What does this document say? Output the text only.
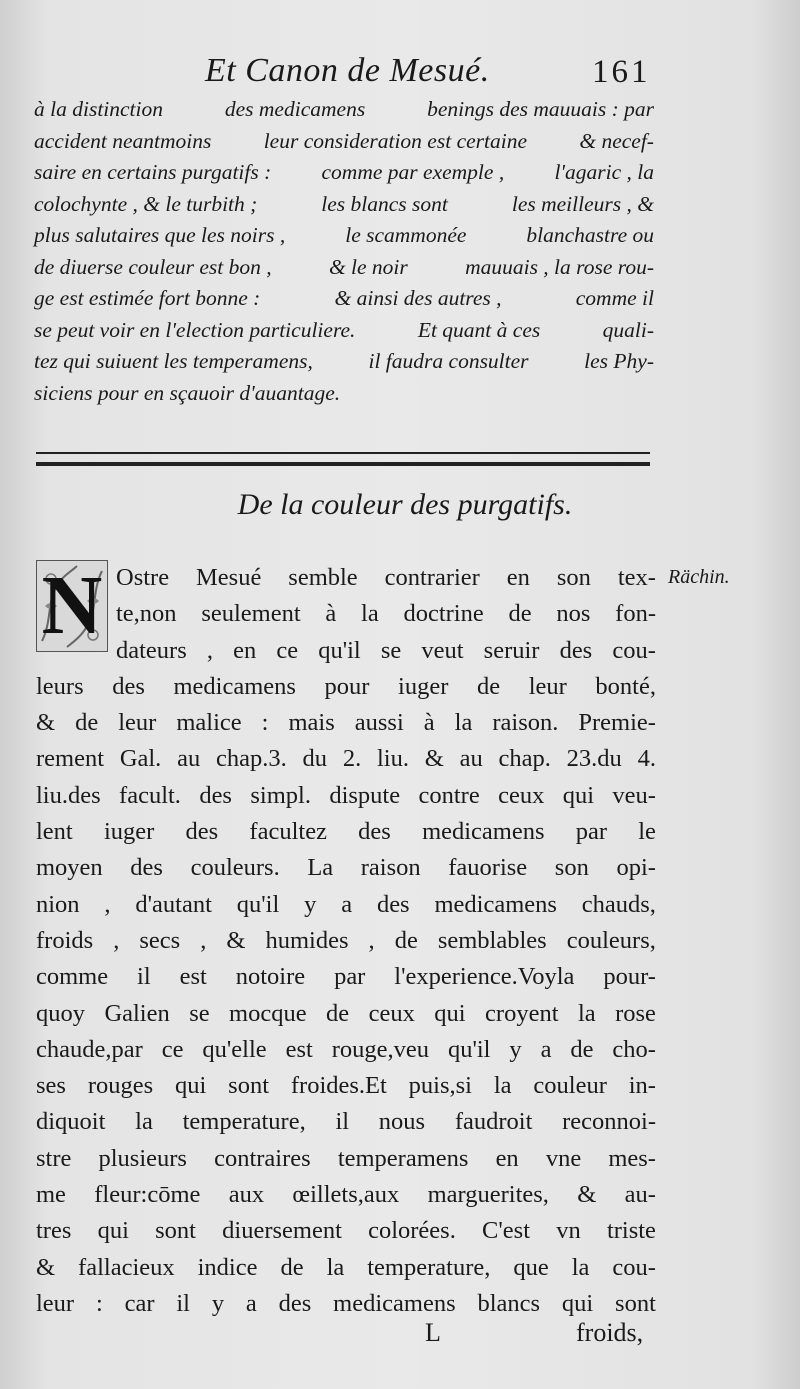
Et Canon de Mesué.	161
à la distinction	des medicamens	benings des mauuais : par
accident neantmoins leur consideration est certaine & necef-
saire en certains purgatifs : comme par exemple , l'agaric , la
colochynte , & le turbith ;	les blancs sont	les meilleurs , &
plus salutaires que les noirs ,	le scammonée	blanchastre ou
de diuerse couleur est bon ,	& le noir	mauuais , la rose rou-
ge est estimée fort bonne :	& ainsi des autres ,	comme il
se peut voir en l'election particuliere.	Et quant à ces	quali-
tez qui suiuent les temperamens,	il faudra consulter	les Phy-
siciens pour en sçauoir d'auantage.
De la couleur des purgatifs.
Rächin.
N Ostre Mesué semble contrarier en son tex-
te,non seulement à la doctrine de nos fon-
dateurs , en ce qu'il se veut seruir des cou-
leurs des medicamens pour iuger de leur bonté,
& de leur malice : mais aussi à la raison. Premie-
rement Gal. au chap.3. du 2. liu. & au chap. 23.du 4.
liu.des facult. des simpl. dispute contre ceux qui veu-
lent iuger des facultez des medicamens par le
moyen des couleurs. La raison fauorise son opi-
nion , d'autant qu'il y a des medicamens chauds,
froids , secs , & humides , de semblables couleurs,
comme il est notoire par l'experience.Voyla pour-
quoy Galien se mocque de ceux qui croyent la rose
chaude,par ce qu'elle est rouge,veu qu'il y a de cho-
ses rouges qui sont froides.Et puis,si la couleur in-
diquoit la temperature, il nous faudroit reconnoi-
stre plusieurs contraires temperamens en vne mes-
me fleur:cōme aux œillets,aux marguerites, & au-
tres qui sont diuersement colorées. C'est vn triste
& fallacieux indice de la temperature, que la cou-
leur : car il y a des medicamens blancs qui sont
L	froids,
